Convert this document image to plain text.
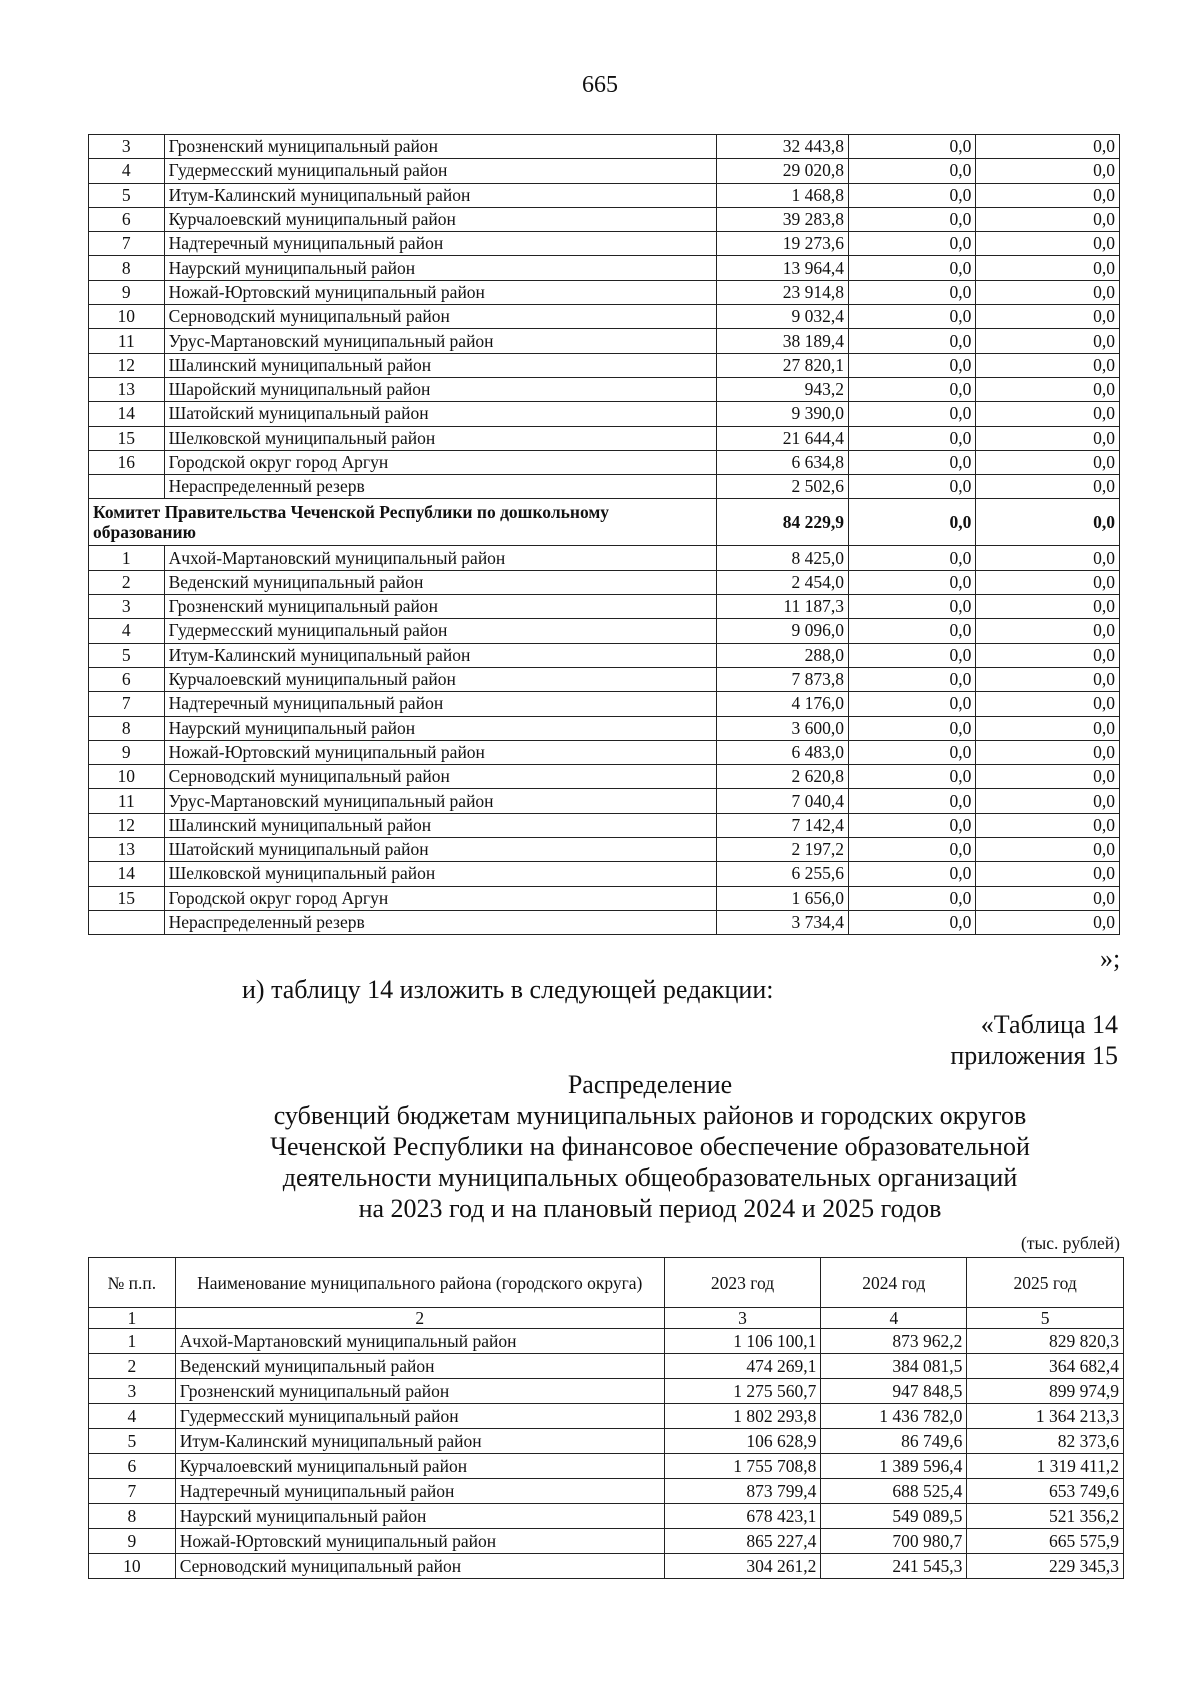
665
3	Грозненский муниципальный район	32 443,8	0,0	0,0
4	Гудермесский муниципальный район	29 020,8	0,0	0,0
5	Итум-Калинский муниципальный район	1 468,8	0,0	0,0
6	Курчалоевский муниципальный район	39 283,8	0,0	0,0
7	Надтеречный муниципальный район	19 273,6	0,0	0,0
8	Наурский муниципальный район	13 964,4	0,0	0,0
9	Ножай-Юртовский муниципальный район	23 914,8	0,0	0,0
10	Серноводский муниципальный район	9 032,4	0,0	0,0
11	Урус-Мартановский муниципальный район	38 189,4	0,0	0,0
12	Шалинский муниципальный район	27 820,1	0,0	0,0
13	Шаройский муниципальный район	943,2	0,0	0,0
14	Шатойский муниципальный район	9 390,0	0,0	0,0
15	Шелковской муниципальный район	21 644,4	0,0	0,0
16	Городской округ город Аргун	6 634,8	0,0	0,0
	Нераспределенный резерв	2 502,6	0,0	0,0
Комитет Правительства Чеченской Республики по дошкольному образованию		84 229,9	0,0	0,0
1	Ачхой-Мартановский муниципальный район	8 425,0	0,0	0,0
2	Веденский муниципальный район	2 454,0	0,0	0,0
3	Грозненский муниципальный район	11 187,3	0,0	0,0
4	Гудермесский муниципальный район	9 096,0	0,0	0,0
5	Итум-Калинский муниципальный район	288,0	0,0	0,0
6	Курчалоевский муниципальный район	7 873,8	0,0	0,0
7	Надтеречный муниципальный район	4 176,0	0,0	0,0
8	Наурский муниципальный район	3 600,0	0,0	0,0
9	Ножай-Юртовский муниципальный район	6 483,0	0,0	0,0
10	Серноводский муниципальный район	2 620,8	0,0	0,0
11	Урус-Мартановский муниципальный район	7 040,4	0,0	0,0
12	Шалинский муниципальный район	7 142,4	0,0	0,0
13	Шатойский муниципальный район	2 197,2	0,0	0,0
14	Шелковской муниципальный район	6 255,6	0,0	0,0
15	Городской округ город Аргун	1 656,0	0,0	0,0
	Нераспределенный резерв	3 734,4	0,0	0,0
»;
и) таблицу 14 изложить в следующей редакции:
«Таблица 14
приложения 15
Распределение
субвенций бюджетам муниципальных районов и городских округов
Чеченской Республики на финансовое обеспечение образовательной
деятельности муниципальных общеобразовательных организаций
на 2023 год и на плановый период 2024 и 2025 годов
(тыс. рублей)
№ п.п.	Наименование муниципального района (городского округа)	2023 год	2024 год	2025 год
1	2	3	4	5
1	Ачхой-Мартановский муниципальный район	1 106 100,1	873 962,2	829 820,3
2	Веденский муниципальный район	474 269,1	384 081,5	364 682,4
3	Грозненский муниципальный район	1 275 560,7	947 848,5	899 974,9
4	Гудермесский муниципальный район	1 802 293,8	1 436 782,0	1 364 213,3
5	Итум-Калинский муниципальный район	106 628,9	86 749,6	82 373,6
6	Курчалоевский муниципальный район	1 755 708,8	1 389 596,4	1 319 411,2
7	Надтеречный муниципальный район	873 799,4	688 525,4	653 749,6
8	Наурский муниципальный район	678 423,1	549 089,5	521 356,2
9	Ножай-Юртовский муниципальный район	865 227,4	700 980,7	665 575,9
10	Серноводский муниципальный район	304 261,2	241 545,3	229 345,3
